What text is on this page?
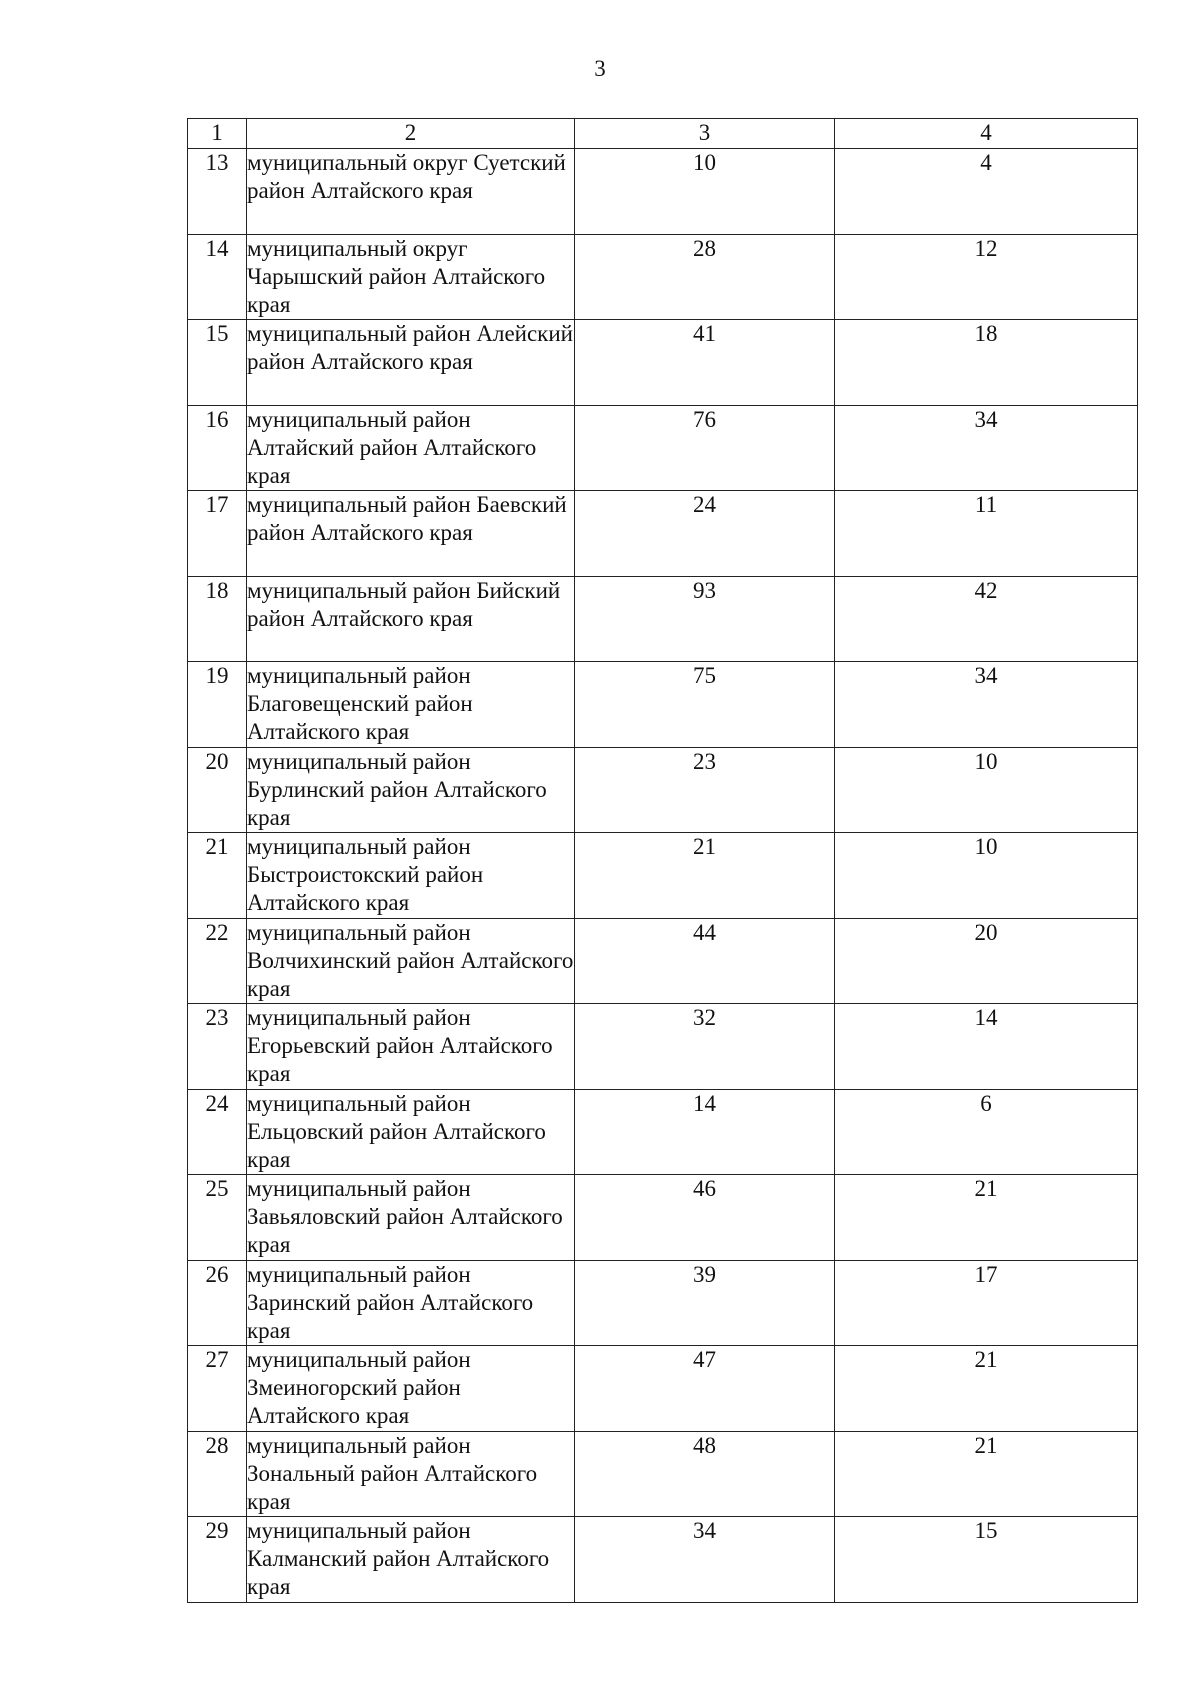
3
1	2	3	4
13	муниципальный округ Суетский район Алтайского края	10	4
14	муниципальный округ Чарышский район Алтайского края	28	12
15	муниципальный район Алейский район Алтайского края	41	18
16	муниципальный район Алтайский район Алтайского края	76	34
17	муниципальный район Баевский район Алтайского края	24	11
18	муниципальный район Бийский район Алтайского края	93	42
19	муниципальный район Благовещенский район Алтайского края	75	34
20	муниципальный район Бурлинский район Алтайского края	23	10
21	муниципальный район Быстроистокский район Алтайского края	21	10
22	муниципальный район Волчихинский район Алтайского края	44	20
23	муниципальный район Егорьевский район Алтайского края	32	14
24	муниципальный район Ельцовский район Алтайского края	14	6
25	муниципальный район Завьяловский район Алтайского края	46	21
26	муниципальный район Заринский район Алтайского края	39	17
27	муниципальный район Змеиногорский район Алтайского края	47	21
28	муниципальный район Зональный район Алтайского края	48	21
29	муниципальный район Калманский район Алтайского края	34	15
